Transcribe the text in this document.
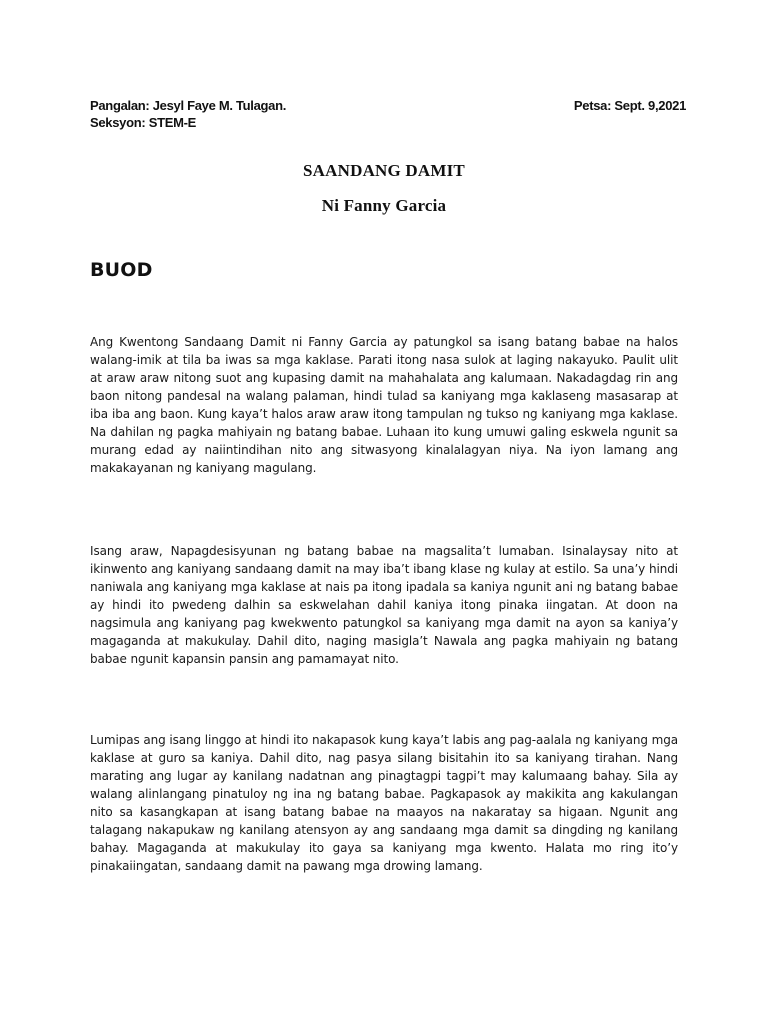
Pangalan: Jesyl Faye M. Tulagan.	Petsa: Sept. 9,2021
Seksyon: STEM-E
SAANDANG DAMIT
Ni Fanny Garcia
BUOD
Ang Kwentong Sandaang Damit ni Fanny Garcia ay patungkol sa isang batang babae na halos walang-imik at tila ba iwas sa mga kaklase. Parati itong nasa sulok at laging nakayuko. Paulit ulit at araw araw nitong suot ang kupasing damit na mahahalata ang kalumaan. Nakadagdag rin ang baon nitong pandesal na walang palaman, hindi tulad sa kaniyang mga kaklaseng masasarap at iba iba ang baon. Kung kaya’t halos araw araw itong tampulan ng tukso ng kaniyang mga kaklase. Na dahilan ng pagka mahiyain ng batang babae. Luhaan ito kung umuwi galing eskwela ngunit sa murang edad ay naiintindihan nito ang sitwasyong kinalalagyan niya. Na iyon lamang ang makakayanan ng kaniyang magulang.
Isang araw, Napagdesisyunan ng batang babae na magsalita’t lumaban. Isinalaysay nito at ikinwento ang kaniyang sandaang damit na may iba’t ibang klase ng kulay at estilo. Sa una’y hindi naniwala ang kaniyang mga kaklase at nais pa itong ipadala sa kaniya ngunit ani ng batang babae ay hindi ito pwedeng dalhin sa eskwelahan dahil kaniya itong pinaka iingatan. At doon na nagsimula ang kaniyang pag kwekwento patungkol sa kaniyang mga damit na ayon sa kaniya’y magaganda at makukulay. Dahil dito, naging masigla’t Nawala ang pagka mahiyain ng batang babae ngunit kapansin pansin ang pamamayat nito.
Lumipas ang isang linggo at hindi ito nakapasok kung kaya’t labis ang pag-aalala ng kaniyang mga kaklase at guro sa kaniya. Dahil dito, nag pasya silang bisitahin ito sa kaniyang tirahan. Nang marating ang lugar ay kanilang nadatnan ang pinagtagpi tagpi’t may kalumaang bahay. Sila ay walang alinlangang pinatuloy ng ina ng batang babae. Pagkapasok ay makikita ang kakulangan nito sa kasangkapan at isang batang babae na maayos na nakaratay sa higaan. Ngunit ang talagang nakapukaw ng kanilang atensyon ay ang sandaang mga damit sa dingding ng kanilang bahay. Magaganda at makukulay ito gaya sa kaniyang mga kwento. Halata mo ring ito’y pinakaiingatan, sandaang damit na pawang mga drowing lamang.
